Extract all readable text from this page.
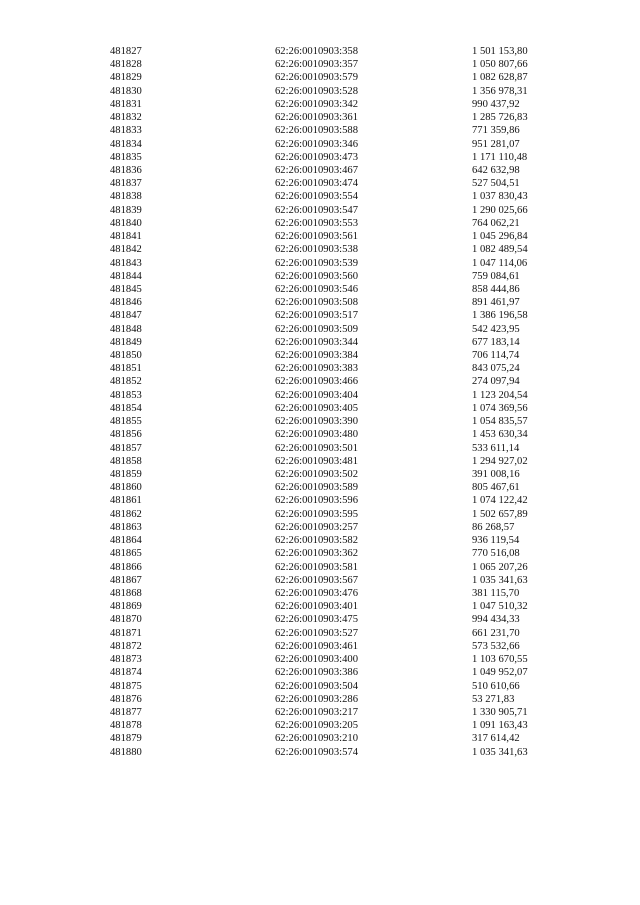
481827	62:26:0010903:358	1 501 153,80
481828	62:26:0010903:357	1 050 807,66
481829	62:26:0010903:579	1 082 628,87
481830	62:26:0010903:528	1 356 978,31
481831	62:26:0010903:342	990 437,92
481832	62:26:0010903:361	1 285 726,83
481833	62:26:0010903:588	771 359,86
481834	62:26:0010903:346	951 281,07
481835	62:26:0010903:473	1 171 110,48
481836	62:26:0010903:467	642 632,98
481837	62:26:0010903:474	527 504,51
481838	62:26:0010903:554	1 037 830,43
481839	62:26:0010903:547	1 290 025,66
481840	62:26:0010903:553	764 062,21
481841	62:26:0010903:561	1 045 296,84
481842	62:26:0010903:538	1 082 489,54
481843	62:26:0010903:539	1 047 114,06
481844	62:26:0010903:560	759 084,61
481845	62:26:0010903:546	858 444,86
481846	62:26:0010903:508	891 461,97
481847	62:26:0010903:517	1 386 196,58
481848	62:26:0010903:509	542 423,95
481849	62:26:0010903:344	677 183,14
481850	62:26:0010903:384	706 114,74
481851	62:26:0010903:383	843 075,24
481852	62:26:0010903:466	274 097,94
481853	62:26:0010903:404	1 123 204,54
481854	62:26:0010903:405	1 074 369,56
481855	62:26:0010903:390	1 054 835,57
481856	62:26:0010903:480	1 453 630,34
481857	62:26:0010903:501	533 611,14
481858	62:26:0010903:481	1 294 927,02
481859	62:26:0010903:502	391 008,16
481860	62:26:0010903:589	805 467,61
481861	62:26:0010903:596	1 074 122,42
481862	62:26:0010903:595	1 502 657,89
481863	62:26:0010903:257	86 268,57
481864	62:26:0010903:582	936 119,54
481865	62:26:0010903:362	770 516,08
481866	62:26:0010903:581	1 065 207,26
481867	62:26:0010903:567	1 035 341,63
481868	62:26:0010903:476	381 115,70
481869	62:26:0010903:401	1 047 510,32
481870	62:26:0010903:475	994 434,33
481871	62:26:0010903:527	661 231,70
481872	62:26:0010903:461	573 532,66
481873	62:26:0010903:400	1 103 670,55
481874	62:26:0010903:386	1 049 952,07
481875	62:26:0010903:504	510 610,66
481876	62:26:0010903:286	53 271,83
481877	62:26:0010903:217	1 330 905,71
481878	62:26:0010903:205	1 091 163,43
481879	62:26:0010903:210	317 614,42
481880	62:26:0010903:574	1 035 341,63
